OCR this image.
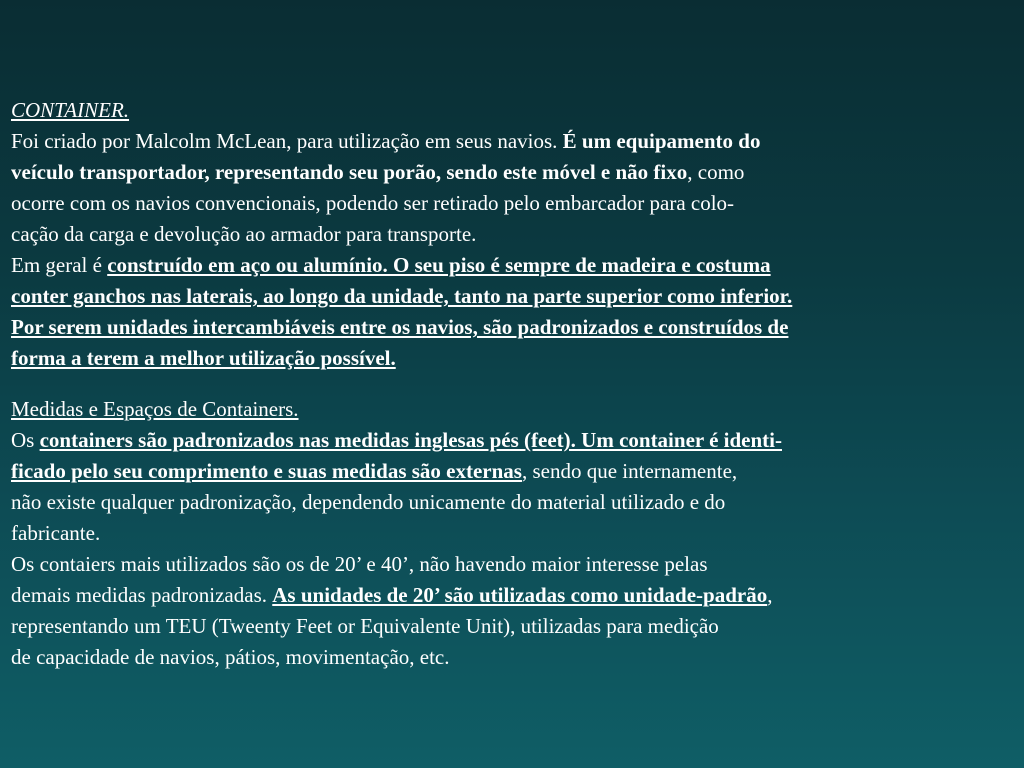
CONTAINER.
Foi criado por Malcolm McLean, para utilização em seus navios. É um equipamento do
veículo transportador, representando seu porão, sendo este móvel e não fixo, como
ocorre com os navios convencionais, podendo ser retirado pelo embarcador para colo-
cação da carga e devolução ao armador para transporte.
Em geral é construído em aço ou alumínio. O seu piso é sempre de madeira e costuma
conter ganchos nas laterais, ao longo da unidade, tanto na parte superior como inferior.
Por serem unidades intercambiáveis entre os navios, são padronizados e construídos de
forma a terem a melhor utilização possível.
Medidas e Espaços de Containers.
Os containers são padronizados nas medidas inglesas pés (feet). Um container é identi-
ficado pelo seu comprimento e suas medidas são externas, sendo que internamente,
não existe qualquer padronização, dependendo unicamente do material utilizado e do
fabricante.
Os contaiers mais utilizados são os de 20’ e 40’, não havendo maior interesse pelas
demais medidas padronizadas. As unidades de 20’ são utilizadas como unidade-padrão,
representando um TEU (Tweenty Feet or Equivalente Unit), utilizadas para medição
de capacidade de navios, pátios, movimentação, etc.
